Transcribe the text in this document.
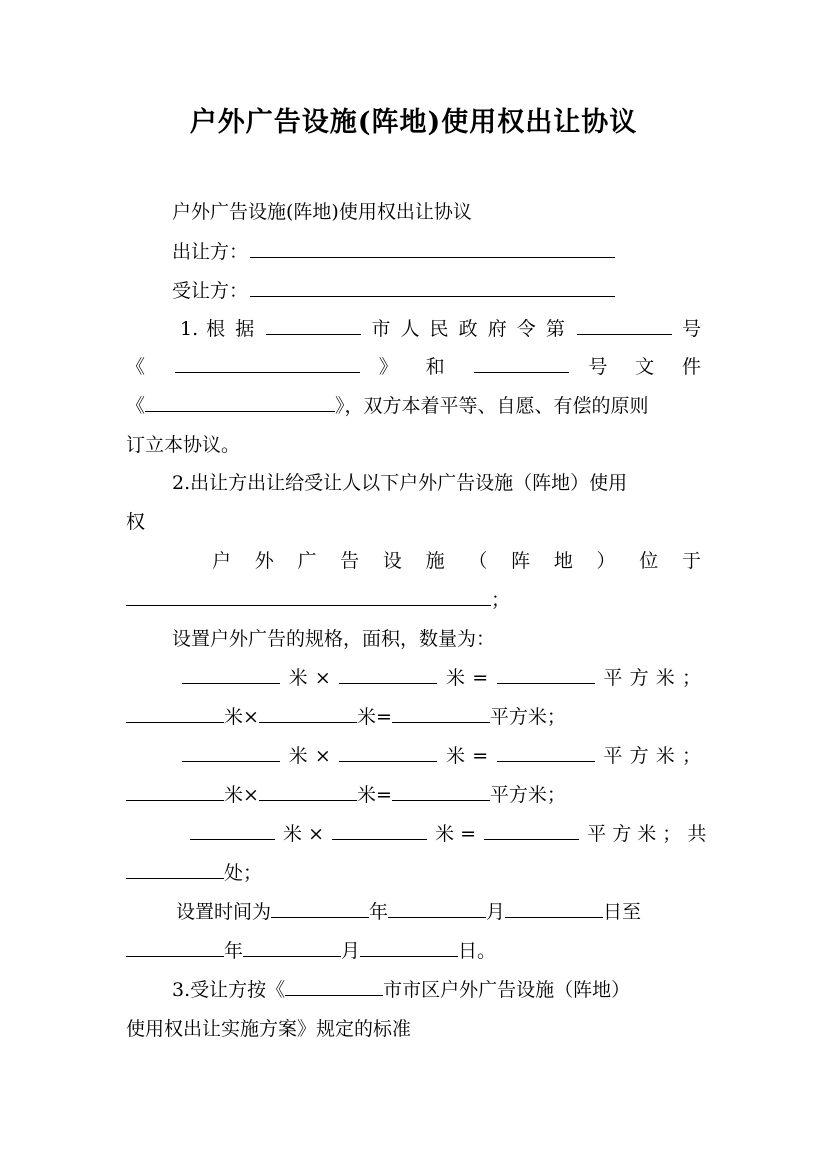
户外广告设施(阵地)使用权出让协议

户外广告设施(阵地)使用权出让协议

出让方：

受让方：

1. 根 据	市 人 民 政 府 令 第	号

《	》 和	号 文 件

《	》，双方本着平等、自愿、有偿的原则

订立本协议。

2.出让方出让给受让人以下户外广告设施（阵地）使用

权

户 外 广 告 设 施 （ 阵 地 ） 位 于

；

设置户外广告的规格，面积，数量为：

米 ×	米 =	平 方 米 ；

米×	米=	平方米；

米 ×	米 =	平 方 米 ；

米×	米=	平方米；

米 ×	米 =	平 方 米 ； 共

处；

设置时间为	年	月	日至

年	月	日。

3.受让方按《	市市区户外广告设施（阵地）

使用权出让实施方案》规定的标准
